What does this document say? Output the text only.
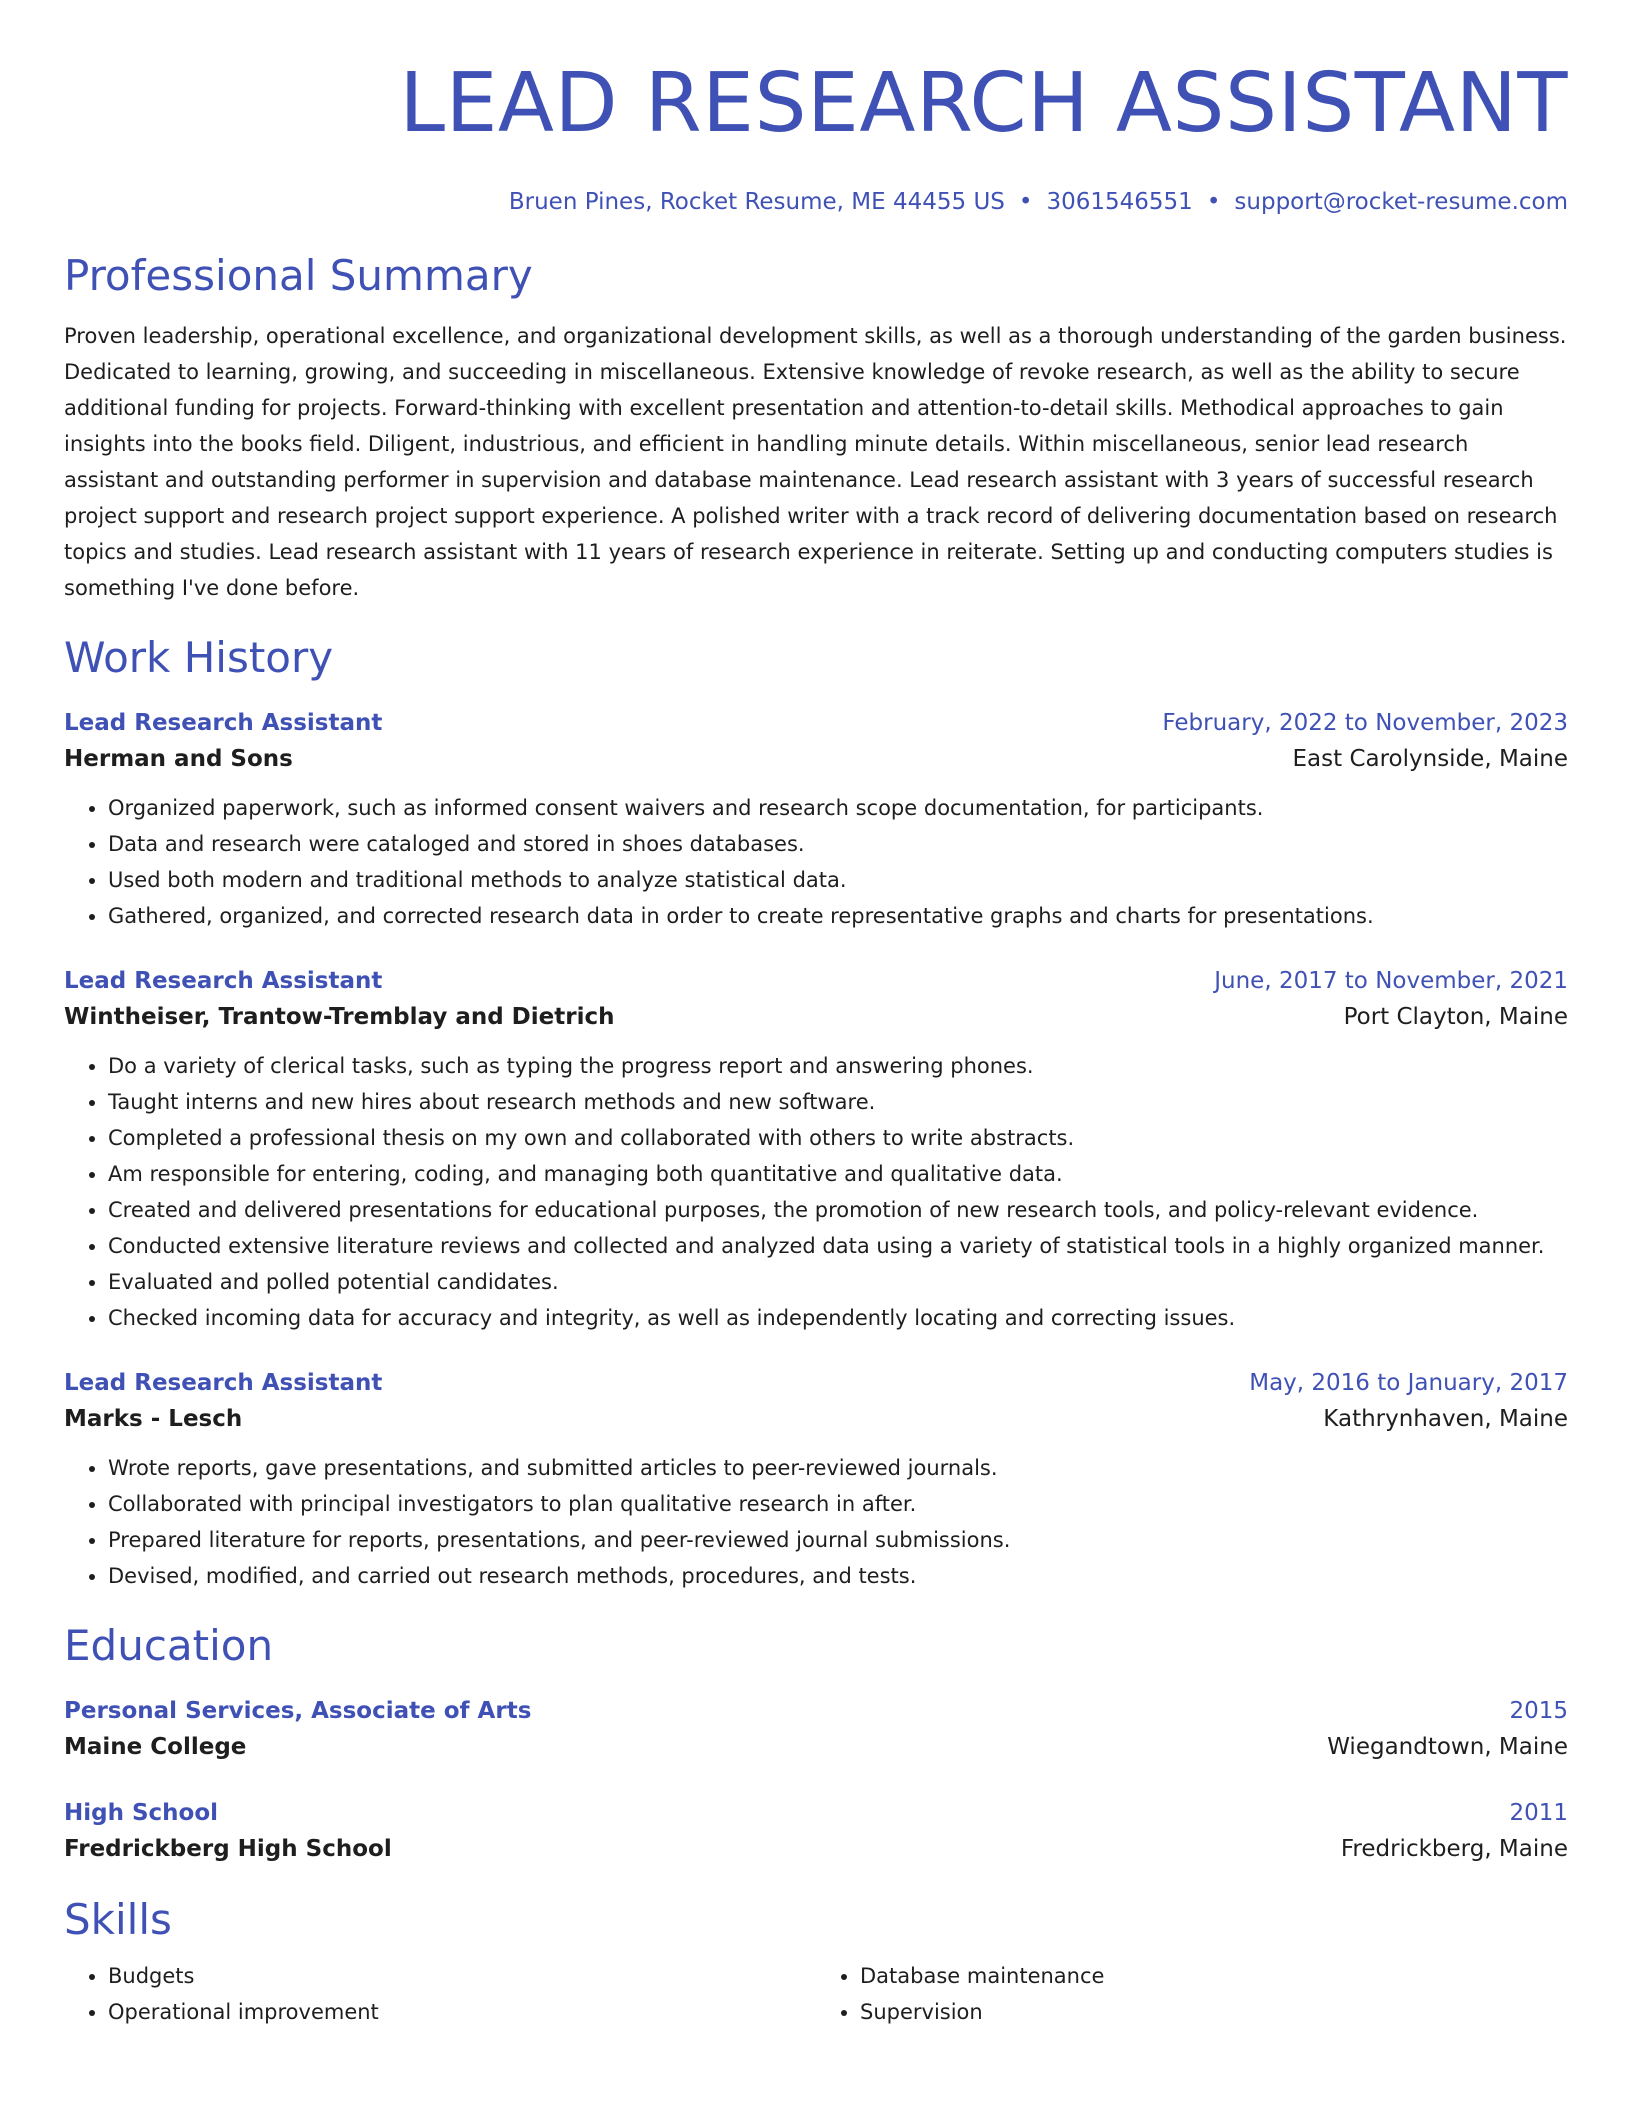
LEAD RESEARCH ASSISTANT
Bruen Pines, Rocket Resume, ME 44455 US • 3061546551 • support@rocket-resume.com
Professional Summary

Proven leadership, operational excellence, and organizational development skills, as well as a thorough understanding of the garden business. Dedicated to learning, growing, and succeeding in miscellaneous. Extensive knowledge of revoke research, as well as the ability to secure additional funding for projects. Forward-thinking with excellent presentation and attention-to-detail skills. Methodical approaches to gain insights into the books field. Diligent, industrious, and efficient in handling minute details. Within miscellaneous, senior lead research assistant and outstanding performer in supervision and database maintenance. Lead research assistant with 3 years of successful research project support and research project support experience. A polished writer with a track record of delivering documentation based on research topics and studies. Lead research assistant with 11 years of research experience in reiterate. Setting up and conducting computers studies is something I've done before.

Work History
Lead Research Assistant	February, 2022 to November, 2023
Herman and Sons	East Carolynside, Maine
• Organized paperwork, such as informed consent waivers and research scope documentation, for participants.
• Data and research were cataloged and stored in shoes databases.
• Used both modern and traditional methods to analyze statistical data.
• Gathered, organized, and corrected research data in order to create representative graphs and charts for presentations.
Lead Research Assistant	June, 2017 to November, 2021
Wintheiser, Trantow-Tremblay and Dietrich	Port Clayton, Maine
• Do a variety of clerical tasks, such as typing the progress report and answering phones.
• Taught interns and new hires about research methods and new software.
• Completed a professional thesis on my own and collaborated with others to write abstracts.
• Am responsible for entering, coding, and managing both quantitative and qualitative data.
• Created and delivered presentations for educational purposes, the promotion of new research tools, and policy-relevant evidence.
• Conducted extensive literature reviews and collected and analyzed data using a variety of statistical tools in a highly organized manner.
• Evaluated and polled potential candidates.
• Checked incoming data for accuracy and integrity, as well as independently locating and correcting issues.
Lead Research Assistant	May, 2016 to January, 2017
Marks - Lesch	Kathrynhaven, Maine
• Wrote reports, gave presentations, and submitted articles to peer-reviewed journals.
• Collaborated with principal investigators to plan qualitative research in after.
• Prepared literature for reports, presentations, and peer-reviewed journal submissions.
• Devised, modified, and carried out research methods, procedures, and tests.
Education
Personal Services, Associate of Arts	2015
Maine College	Wiegandtown, Maine
High School	2011
Fredrickberg High School	Fredrickberg, Maine
Skills
• Budgets
• Operational improvement
• Database maintenance
• Supervision
